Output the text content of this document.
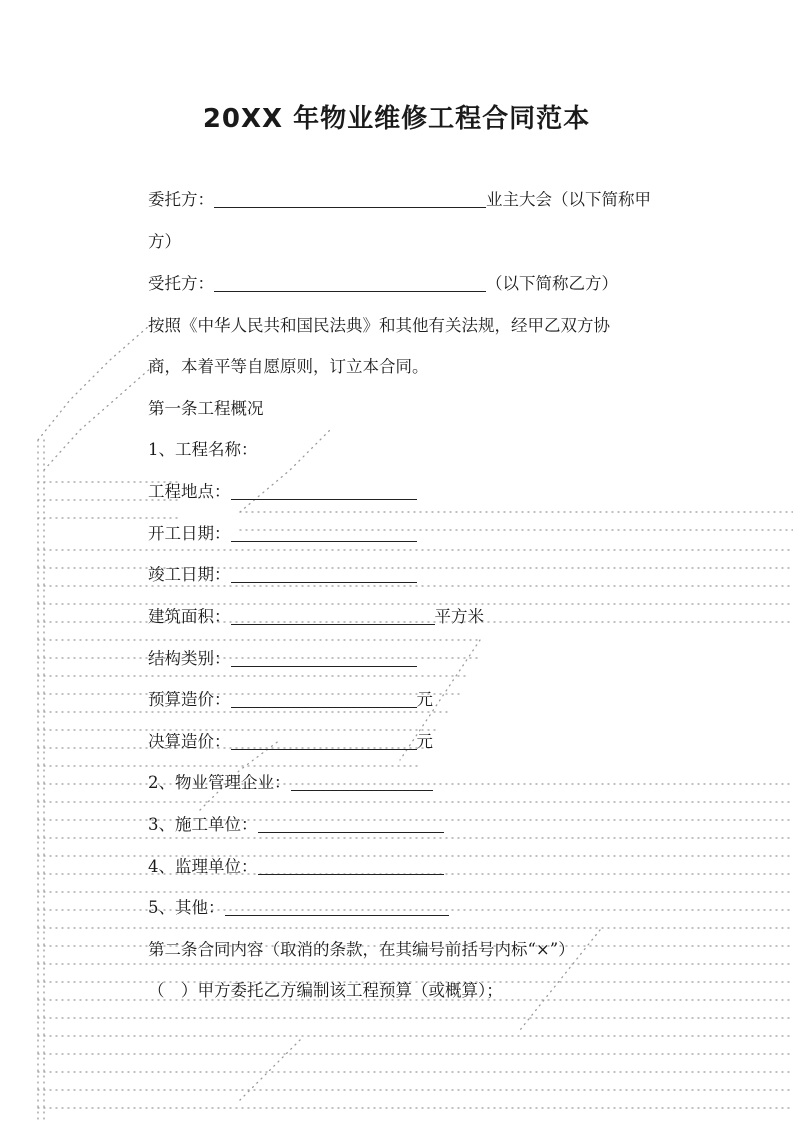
20XX 年物业维修工程合同范本
委托方：	业主大会（以下简称甲
方）
受托方：	（以下简称乙方）
按照《中华人民共和国民法典》和其他有关法规，经甲乙双方协
商，本着平等自愿原则，订立本合同。
第一条工程概况
1、工程名称：
工程地点：
开工日期：
竣工日期：
建筑面积：	平方米
结构类别：
预算造价：	元
决算造价：	元
2、物业管理企业：
3、施工单位：
4、监理单位：
5、其他：
第二条合同内容（取消的条款，在其编号前括号内标“×”）
（　）甲方委托乙方编制该工程预算（或概算）；
